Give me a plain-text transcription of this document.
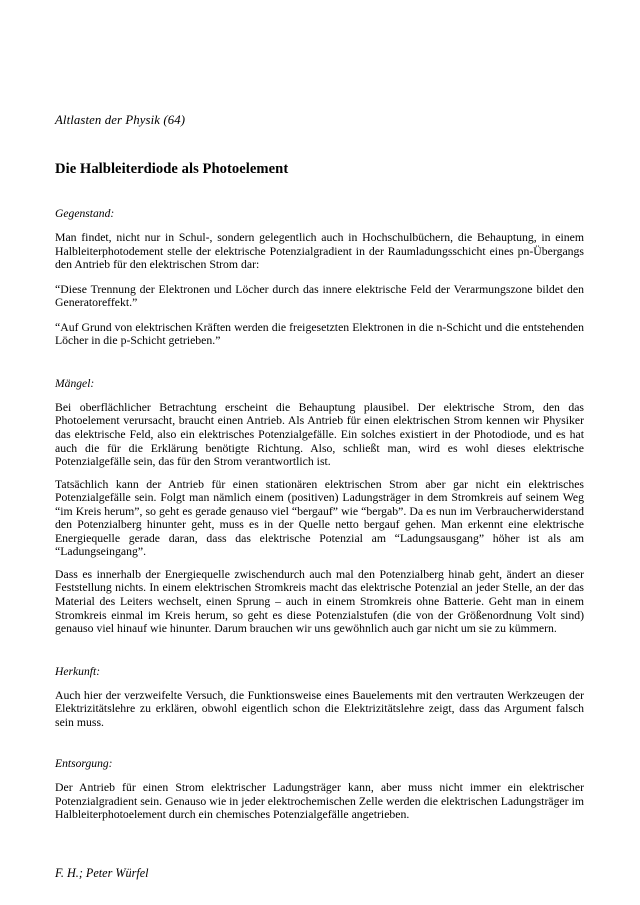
Altlasten der Physik (64)
Die Halbleiterdiode als Photoelement
Gegenstand:

Man findet, nicht nur in Schul-, sondern gelegentlich auch in Hochschulbüchern, die Behauptung, in einem Halbleiterphotodement stelle der elektrische Potenzialgradient in der Raumladungsschicht eines pn-Übergangs den Antrieb für den elektrischen Strom dar:

“Diese Trennung der Elektronen und Löcher durch das innere elektrische Feld der Verarmungszone bildet den Generatoreffekt.”

“Auf Grund von elektrischen Kräften werden die freigesetzten Elektronen in die n-Schicht und die entstehenden Löcher in die p-Schicht getrieben.”

Mängel:

Bei oberflächlicher Betrachtung erscheint die Behauptung plausibel. Der elektrische Strom, den das Photoelement verursacht, braucht einen Antrieb. Als Antrieb für einen elektrischen Strom kennen wir Physiker das elektrische Feld, also ein elektrisches Potenzialgefälle. Ein solches existiert in der Photodiode, und es hat auch die für die Erklärung benötigte Richtung. Also, schließt man, wird es wohl dieses elektrische Potenzialgefälle sein, das für den Strom verantwortlich ist.

Tatsächlich kann der Antrieb für einen stationären elektrischen Strom aber gar nicht ein elektrisches Potenzialgefälle sein. Folgt man nämlich einem (positiven) Ladungsträger in dem Stromkreis auf seinem Weg “im Kreis herum”, so geht es gerade genauso viel “bergauf” wie “bergab”. Da es nun im Verbraucherwiderstand den Potenzialberg hinunter geht, muss es in der Quelle netto bergauf gehen. Man erkennt eine elektrische Energiequelle gerade daran, dass das elektrische Potenzial am “Ladungsausgang” höher ist als am “Ladungseingang”.

Dass es innerhalb der Energiequelle zwischendurch auch mal den Potenzialberg hinab geht, ändert an dieser Feststellung nichts. In einem elektrischen Stromkreis macht das elektrische Potenzial an jeder Stelle, an der das Material des Leiters wechselt, einen Sprung – auch in einem Stromkreis ohne Batterie. Geht man in einem Stromkreis einmal im Kreis herum, so geht es diese Potenzialstufen (die von der Größenordnung Volt sind) genauso viel hinauf wie hinunter. Darum brauchen wir uns gewöhnlich auch gar nicht um sie zu kümmern.

Herkunft:

Auch hier der verzweifelte Versuch, die Funktionsweise eines Bauelements mit den vertrauten Werkzeugen der Elektrizitätslehre zu erklären, obwohl eigentlich schon die Elektrizitätslehre zeigt, dass das Argument falsch sein muss.

Entsorgung:

Der Antrieb für einen Strom elektrischer Ladungsträger kann, aber muss nicht immer ein elektrischer Potenzialgradient sein. Genauso wie in jeder elektrochemischen Zelle werden die elektrischen Ladungsträger im Halbleiterphotoelement durch ein chemisches Potenzialgefälle angetrieben.

F. H.; Peter Würfel
